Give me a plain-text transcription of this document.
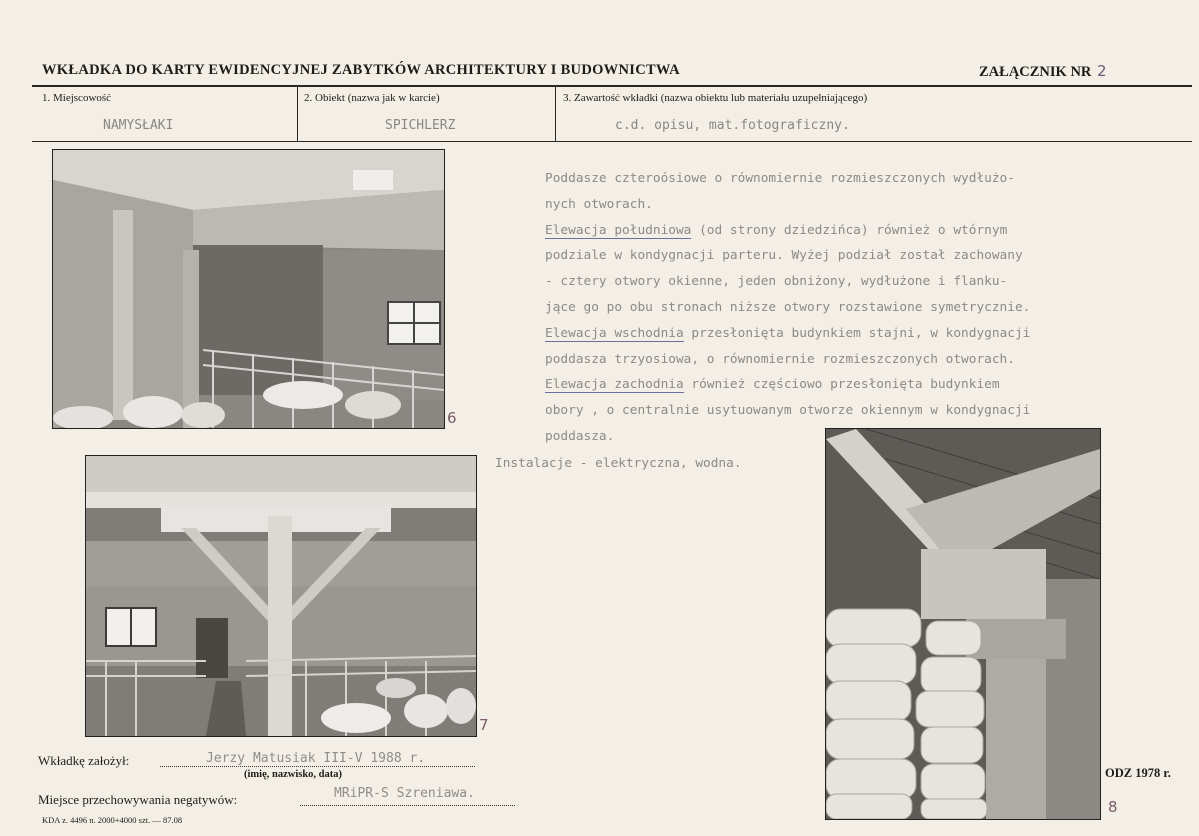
WKŁADKA DO KARTY EWIDENCYJNEJ ZABYTKÓW ARCHITEKTURY I BUDOWNICTWA	ZAŁĄCZNIK NR 2
1. Miejscowość	2. Obiekt (nazwa jak w karcie)	3. Zawartość wkładki (nazwa obiektu lub materiału uzupełniającego)
NAMYSŁAKI	SPICHLERZ	c.d. opisu, mat.fotograficzny.

Poddasze czteroósiowe o równomiernie rozmieszczonych wydłużo-

nych otworach.

Elewacja południowa (od strony dziedzińca) również o wtórnym

podziale w kondygnacji parteru. Wyżej podział został zachowany

- cztery otwory okienne, jeden obniżony, wydłużone i flanku-

jące go po obu stronach niższe otwory rozstawione symetrycznie.

Elewacja wschodnia przesłonięta budynkiem stajni, w kondygnacji

poddasza trzyosiowa, o równomiernie rozmieszczonych otworach.

Elewacja zachodnia również częściowo przesłonięta budynkiem

obory , o centralnie usytuowanym otworze okiennym w kondygnacji

poddasza.

Instalacje - elektryczna, wodna.
6
7
8
Wkładkę założył:	Jerzy Matusiak III-V 1988 r.
(imię, nazwisko, data)
Miejsce przechowywania negatywów:	MRiPR-S Szreniawa.
ODZ 1978 r.
KDA z. 4496 n. 2000+4000 szt. — 87.08
